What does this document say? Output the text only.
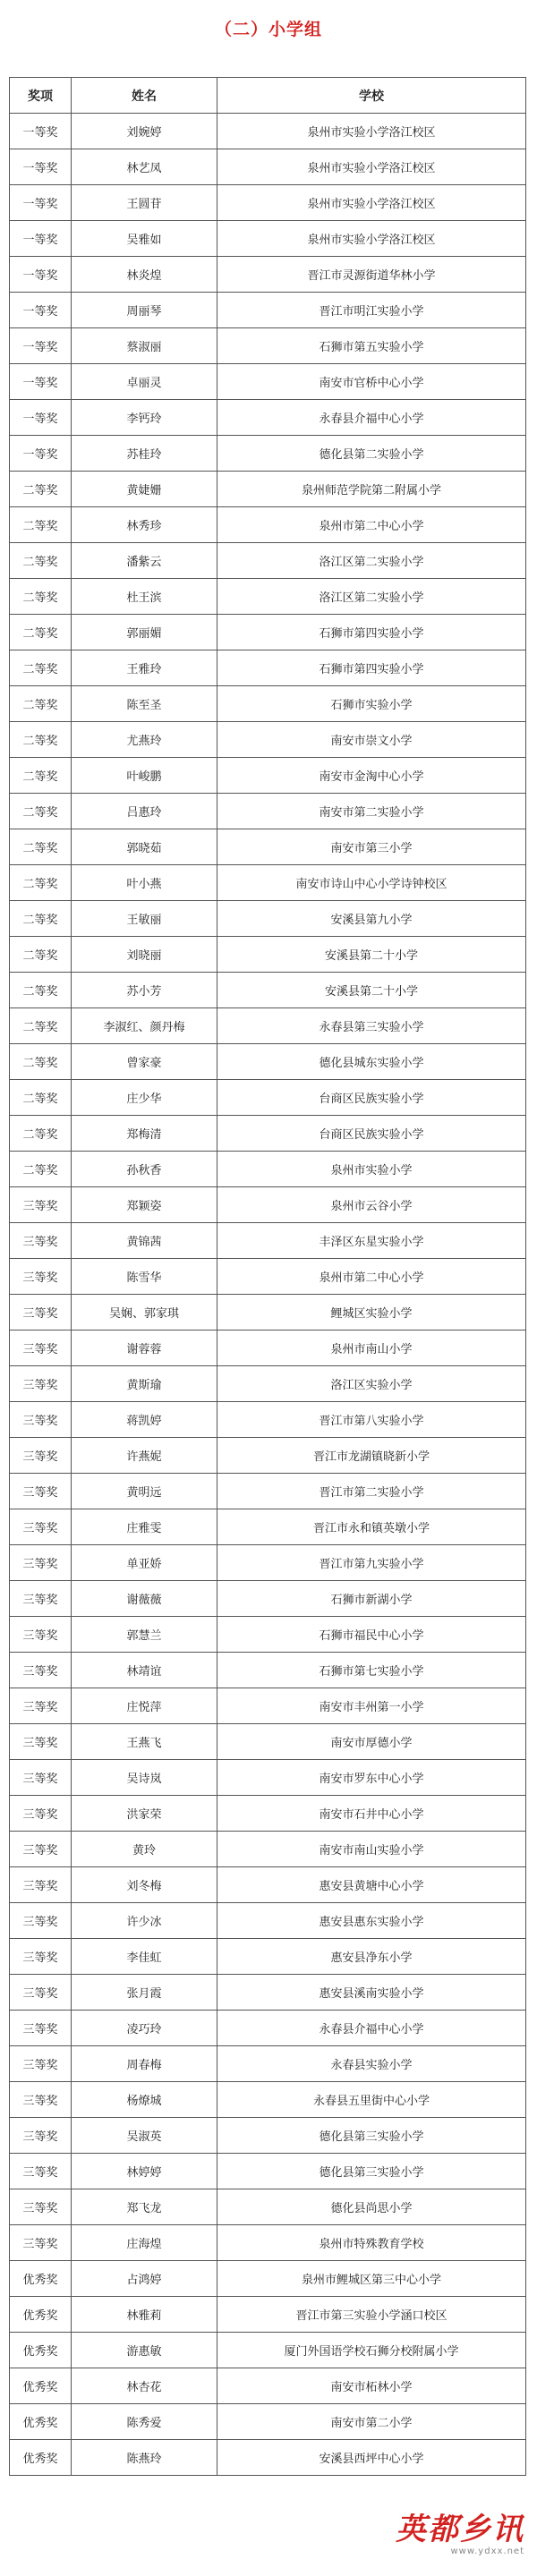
（二）小学组
奖项	姓名	学校
一等奖	刘婉婷	泉州市实验小学洛江校区
一等奖	林艺凤	泉州市实验小学洛江校区
一等奖	王圆苷	泉州市实验小学洛江校区
一等奖	吴雅如	泉州市实验小学洛江校区
一等奖	林炎煌	晋江市灵源街道华林小学
一等奖	周丽琴	晋江市明江实验小学
一等奖	蔡淑丽	石狮市第五实验小学
一等奖	卓丽灵	南安市官桥中心小学
一等奖	李钙玲	永春县介福中心小学
一等奖	苏桂玲	德化县第二实验小学
二等奖	黄婕姗	泉州师范学院第二附属小学
二等奖	林秀珍	泉州市第二中心小学
二等奖	潘紫云	洛江区第二实验小学
二等奖	杜王滨	洛江区第二实验小学
二等奖	郭丽媚	石狮市第四实验小学
二等奖	王雅玲	石狮市第四实验小学
二等奖	陈至圣	石狮市实验小学
二等奖	尤燕玲	南安市崇文小学
二等奖	叶峻鹏	南安市金淘中心小学
二等奖	吕惠玲	南安市第二实验小学
二等奖	郭晓茹	南安市第三小学
二等奖	叶小燕	南安市诗山中心小学诗钟校区
二等奖	王敏丽	安溪县第九小学
二等奖	刘晓丽	安溪县第二十小学
二等奖	苏小芳	安溪县第二十小学
二等奖	李淑红、颜丹梅	永春县第三实验小学
二等奖	曾家豪	德化县城东实验小学
二等奖	庄少华	台商区民族实验小学
二等奖	郑梅清	台商区民族实验小学
二等奖	孙秋香	泉州市实验小学
三等奖	郑颖姿	泉州市云谷小学
三等奖	黄锦茜	丰泽区东星实验小学
三等奖	陈雪华	泉州市第二中心小学
三等奖	吴娴、郭家琪	鲤城区实验小学
三等奖	谢蓉蓉	泉州市南山小学
三等奖	黄斯瑜	洛江区实验小学
三等奖	蒋凯婷	晋江市第八实验小学
三等奖	许燕妮	晋江市龙湖镇晓新小学
三等奖	黄明远	晋江市第二实验小学
三等奖	庄雅雯	晋江市永和镇英墩小学
三等奖	单亚娇	晋江市第九实验小学
三等奖	谢薇薇	石狮市新湖小学
三等奖	郭慧兰	石狮市福民中心小学
三等奖	林靖谊	石狮市第七实验小学
三等奖	庄悦萍	南安市丰州第一小学
三等奖	王燕飞	南安市厚德小学
三等奖	吴诗岚	南安市罗东中心小学
三等奖	洪家荣	南安市石井中心小学
三等奖	黄玲	南安市南山实验小学
三等奖	刘冬梅	惠安县黄塘中心小学
三等奖	许少冰	惠安县惠东实验小学
三等奖	李佳虹	惠安县净东小学
三等奖	张月霞	惠安县溪南实验小学
三等奖	凌巧玲	永春县介福中心小学
三等奖	周春梅	永春县实验小学
三等奖	杨燎城	永春县五里街中心小学
三等奖	吴淑英	德化县第三实验小学
三等奖	林婷婷	德化县第三实验小学
三等奖	郑飞龙	德化县尚思小学
三等奖	庄海煌	泉州市特殊教育学校
优秀奖	占鸿婷	泉州市鲤城区第三中心小学
优秀奖	林雅莉	晋江市第三实验小学涵口校区
优秀奖	游惠敏	厦门外国语学校石狮分校附属小学
优秀奖	林杏花	南安市柘林小学
优秀奖	陈秀爱	南安市第二小学
优秀奖	陈燕玲	安溪县西坪中心小学
英都乡讯
www.ydxx.net
